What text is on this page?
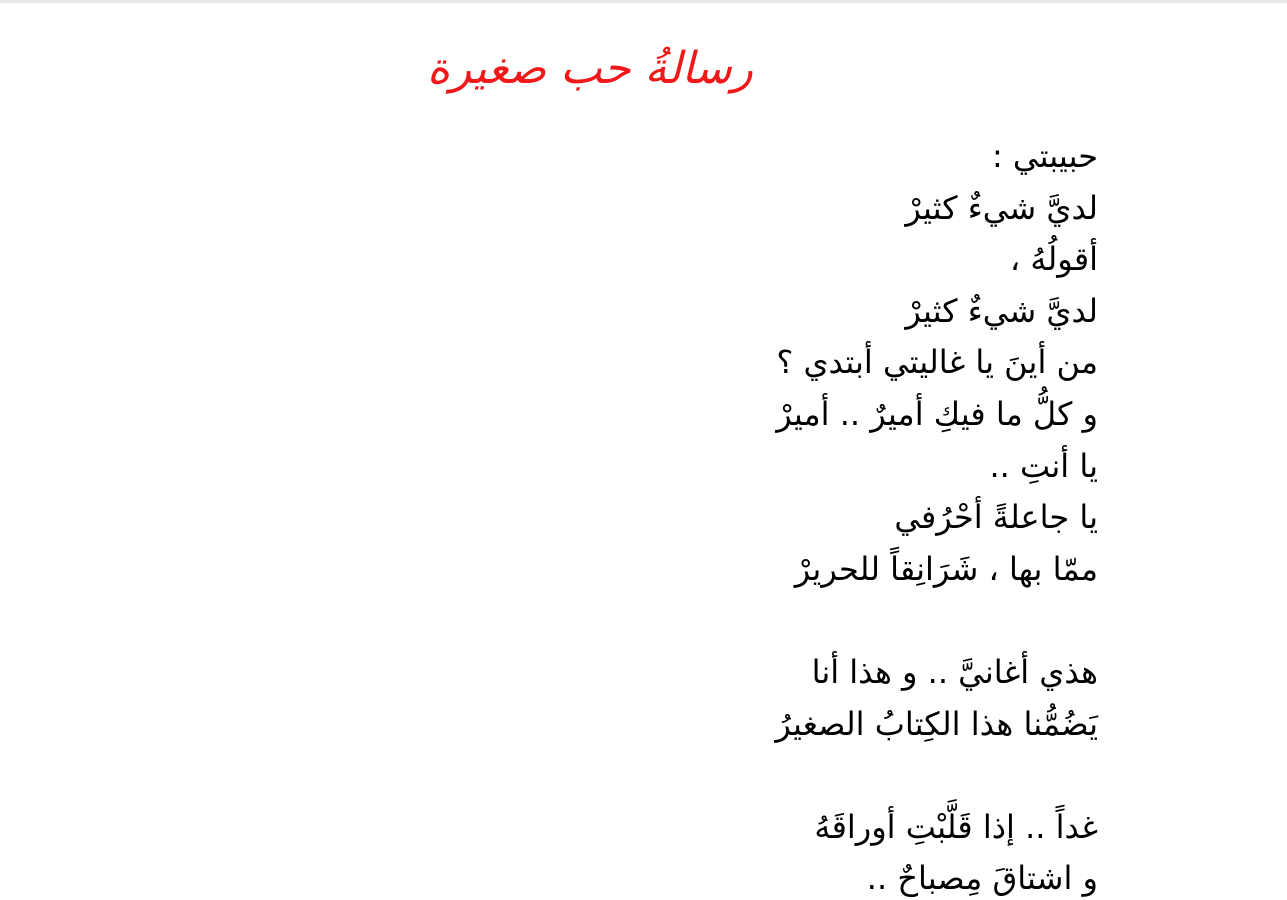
رسالةُ حب صغيرة
حبيبتي :
لديَّ شيءٌ كثيرْ
أقولُهُ ،
لديَّ شيءٌ كثيرْ
من أينَ يا غاليتي أبتدي ؟
و كلُّ ما فيكِ أميرٌ .. أميرْ
يا أنتِ ..
يا جاعلةً أحْرُفي
ممّا بها ، شَرَانِقاً للحريرْ
هذي أغانيَّ .. و هذا أنا
يَضُمُّنا هذا الكِتابُ الصغيرُ
غداً .. إذا قَلَّبْتِ أوراقَهُ
و اشتاقَ مِصباحٌ ..
